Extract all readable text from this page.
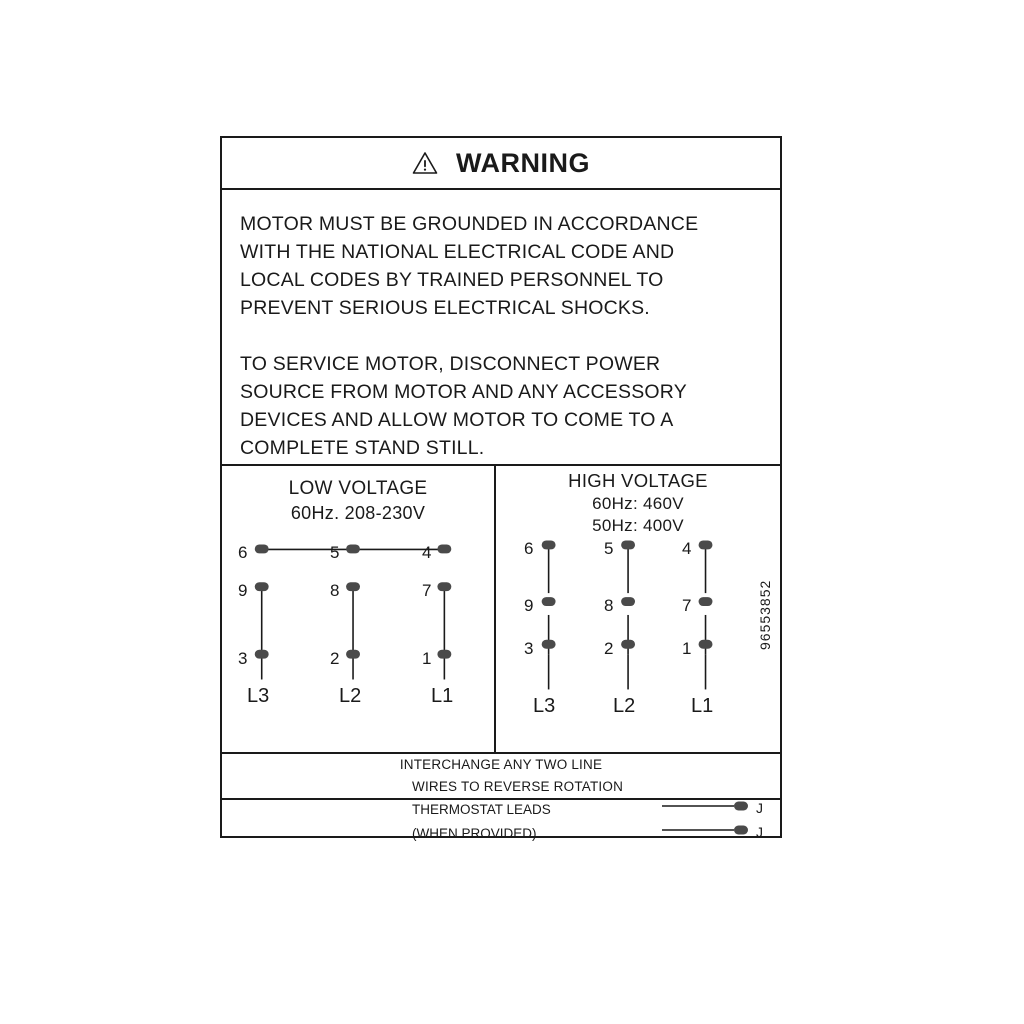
WARNING

MOTOR MUST BE GROUNDED IN ACCORDANCE

WITH THE NATIONAL ELECTRICAL CODE AND

LOCAL CODES BY TRAINED PERSONNEL TO

PREVENT SERIOUS ELECTRICAL SHOCKS.

TO SERVICE MOTOR, DISCONNECT POWER

SOURCE FROM MOTOR AND ANY ACCESSORY

DEVICES AND ALLOW MOTOR TO COME TO A

COMPLETE STAND STILL.

LOW VOLTAGE
60Hz. 208-230V
6	5	4
9	8	7
3	2	1
L3	L2	L1
HIGH VOLTAGE
60Hz: 460V
50Hz: 400V
6	5	4
9	8	7
3	2	1
L3	L2	L1
INTERCHANGE ANY TWO LINE
WIRES TO REVERSE ROTATION
THERMOSTAT LEADS
(WHEN PROVIDED)
J
J
96553852
